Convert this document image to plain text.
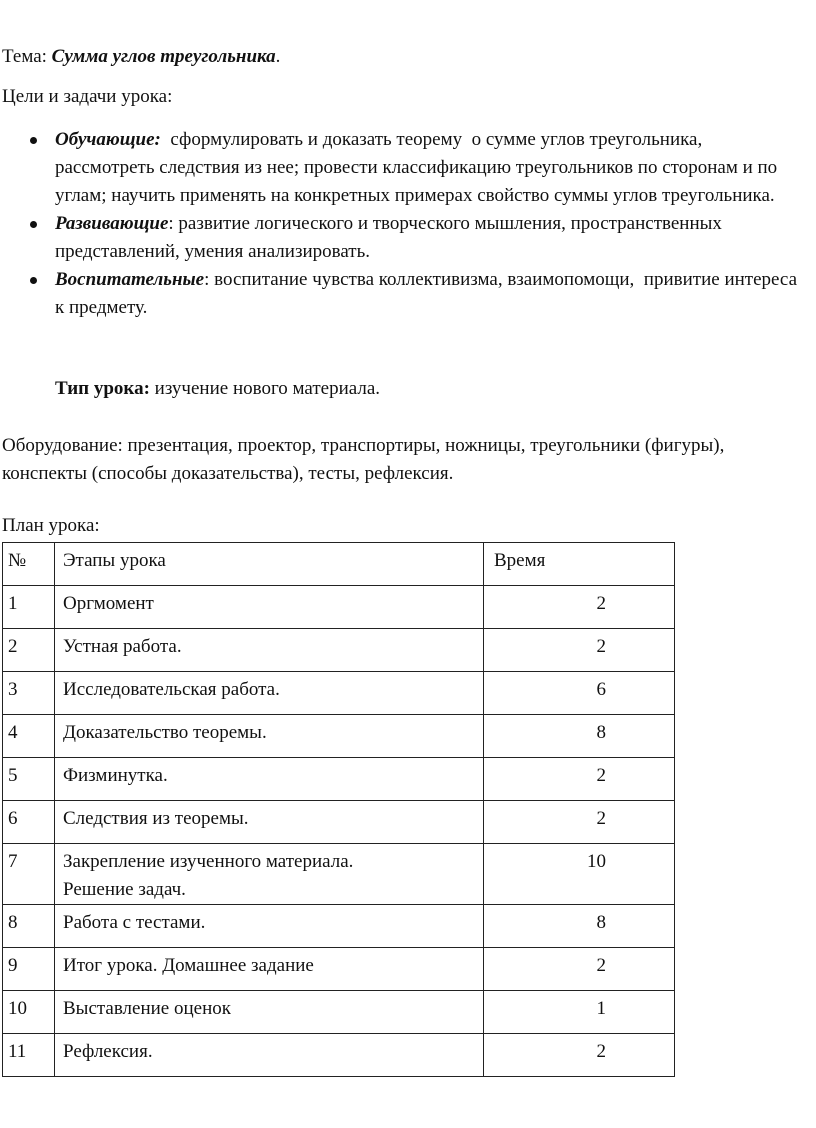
Тема: Сумма углов треугольника.
Цели и задачи урока:
Обучающие:  сформулировать и доказать теорему  о сумме углов треугольника, рассмотреть следствия из нее; провести классификацию треугольников по сторонам и по углам; научить применять на конкретных примерах свойство суммы углов треугольника.
Развивающие: развитие логического и творческого мышления, пространственных представлений, умения анализировать.
Воспитательные: воспитание чувства коллективизма, взаимопомощи,  привитие интереса к предмету.
Тип урока: изучение нового материала.
Оборудование: презентация, проектор, транспортиры, ножницы, треугольники (фигуры), конспекты (способы доказательства), тесты, рефлексия.
План урока:
№	Этапы урока	Время
1	Оргмомент	2
2	Устная работа.	2
3	Исследовательская работа.	6
4	Доказательство теоремы.	8
5	Физминутка.	2
6	Следствия из теоремы.	2
7	Закрепление изученного материала. Решение задач.	10
8	Работа с тестами.	8
9	Итог урока. Домашнее задание	2
10	Выставление оценок	1
11	Рефлексия.	2
